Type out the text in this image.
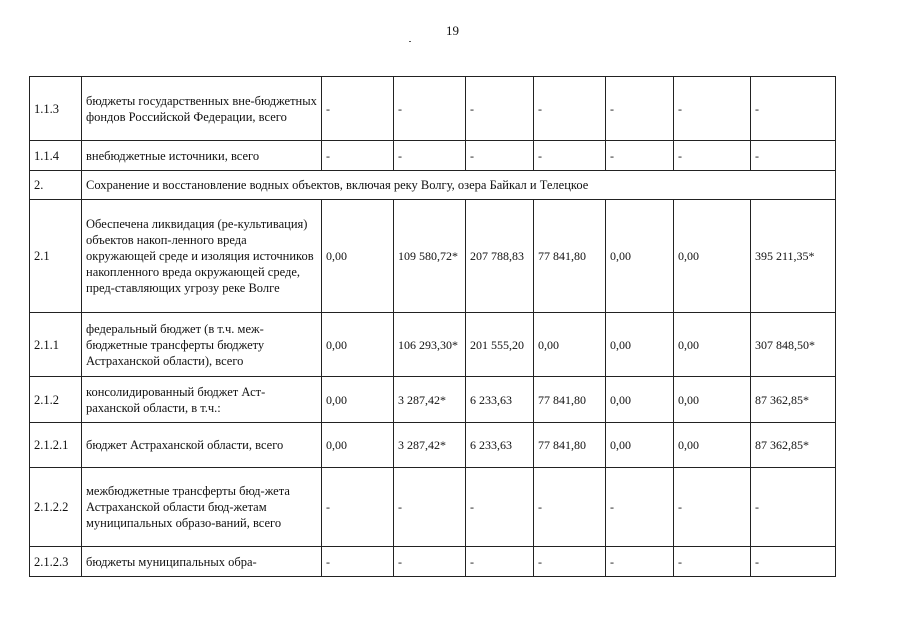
19
1.1.3	бюджеты государственных вне-бюджетных фондов Российской Федерации, всего	-	-	-	-	-	-	-
1.1.4	внебюджетные источники, всего	-	-	-	-	-	-	-
2.	Сохранение и восстановление водных объектов, включая реку Волгу, озера Байкал и Телецкое							
2.1	Обеспечена ликвидация (ре-культивация) объектов накоп-ленного вреда окружающей среде и изоляция источников накопленного вреда окружающей среде, пред-ставляющих угрозу реке Волге	0,00	109 580,72*	207 788,83	77 841,80	0,00	0,00	395 211,35*
2.1.1	федеральный бюджет (в т.ч. меж-бюджетные трансферты бюджету Астраханской области), всего	0,00	106 293,30*	201 555,20	0,00	0,00	0,00	307 848,50*
2.1.2	консолидированный бюджет Аст-раханской области, в т.ч.:	0,00	3 287,42*	6 233,63	77 841,80	0,00	0,00	87 362,85*
2.1.2.1	бюджет Астраханской области, всего	0,00	3 287,42*	6 233,63	77 841,80	0,00	0,00	87 362,85*
2.1.2.2	межбюджетные трансферты бюд-жета Астраханской области бюд-жетам муниципальных образо-ваний, всего	-	-	-	-	-	-	-
2.1.2.3	бюджеты муниципальных обра-	-	-	-	-	-	-	-
